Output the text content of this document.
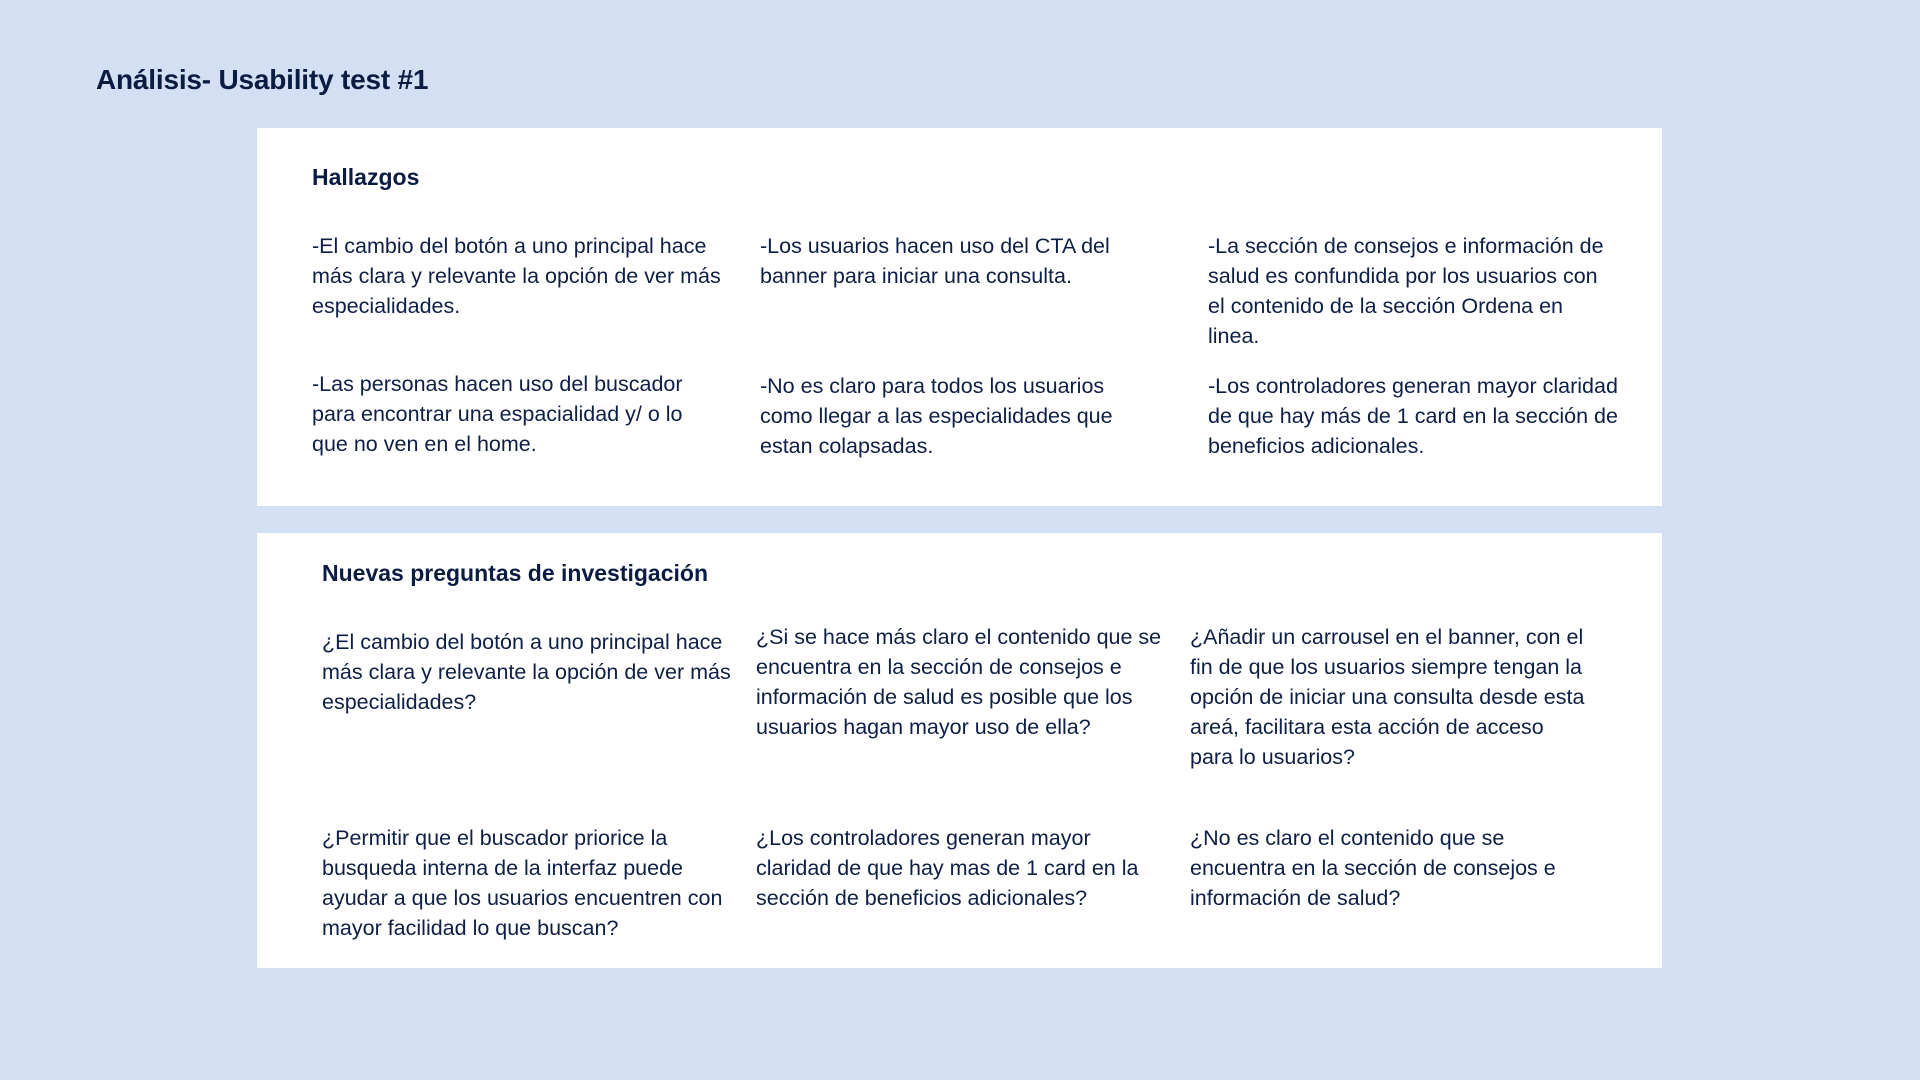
Análisis- Usability test #1
Hallazgos

-El cambio del botón a uno principal hace más clara y relevante la opción de ver más especialidades.

-Los usuarios hacen uso del CTA del banner para iniciar una consulta.

-La sección de consejos e información de salud es confundida por los usuarios con el contenido de la sección Ordena en linea.

-Las personas hacen uso del buscador para encontrar una espacialidad y/ o lo que no ven en el home.

-No es claro para todos los usuarios como llegar a las especialidades que estan colapsadas.

-Los controladores generan mayor claridad de que hay más de 1 card en la sección de beneficios adicionales.

Nuevas preguntas de investigación

¿El cambio del botón a uno principal hace más clara y relevante la opción de ver más especialidades?

¿Si se hace más claro el contenido que se encuentra en la sección de consejos e información de salud es posible que los usuarios hagan mayor uso de ella?

¿Añadir un carrousel en el banner, con el fin de que los usuarios siempre tengan la opción de iniciar una consulta desde esta areá, facilitara esta acción de acceso para lo usuarios?

¿Permitir que el buscador priorice la busqueda interna de la interfaz puede ayudar a que los usuarios encuentren con mayor facilidad lo que buscan?

¿Los controladores generan mayor claridad de que hay mas de 1 card en la sección de beneficios adicionales?

¿No es claro el contenido que se encuentra en la sección de consejos e información de salud?
